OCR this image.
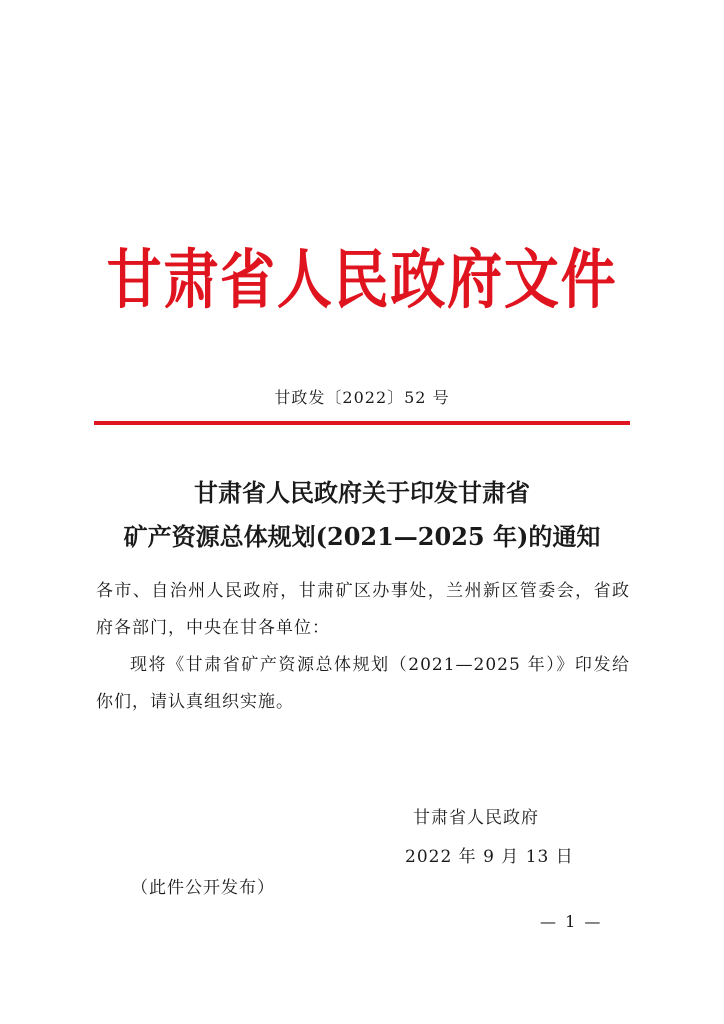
甘肃省人民政府文件
甘政发〔2022〕52 号
甘肃省人民政府关于印发甘肃省
矿产资源总体规划(2021—2025 年)的通知

各市、自治州人民政府，甘肃矿区办事处，兰州新区管委会，省政府各部门，中央在甘各单位：

现将《甘肃省矿产资源总体规划（2021—2025 年）》印发给你们，请认真组织实施。

甘肃省人民政府
2022 年 9 月 13 日
（此件公开发布）
— 1 —
